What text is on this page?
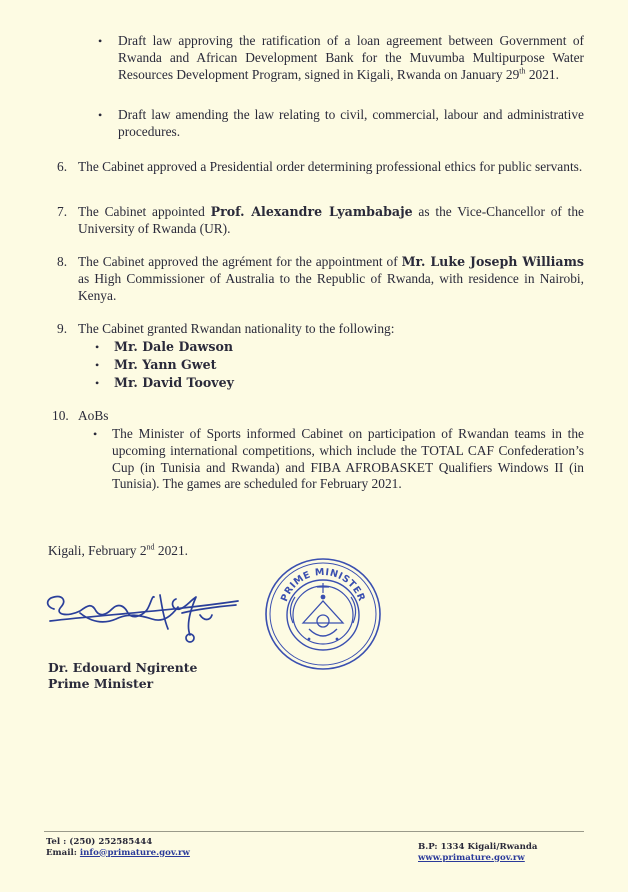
• Draft law approving the ratification of a loan agreement between Government of Rwanda and African Development Bank for the Muvumba Multipurpose Water Resources Development Program, signed in Kigali, Rwanda on January 29th 2021.

• Draft law amending the law relating to civil, commercial, labour and administrative procedures.

6. The Cabinet approved a Presidential order determining professional ethics for public servants.

7. The Cabinet appointed Prof. Alexandre Lyambabaje as the Vice-Chancellor of the University of Rwanda (UR).

8. The Cabinet approved the agrément for the appointment of Mr. Luke Joseph Williams as High Commissioner of Australia to the Republic of Rwanda, with residence in Nairobi, Kenya.

9. The Cabinet granted Rwandan nationality to the following:

• Mr. Dale Dawson
• Mr. Yann Gwet
• Mr. David Toovey
10. AoBs
• The Minister of Sports informed Cabinet on participation of Rwandan teams in the upcoming international competitions, which include the TOTAL CAF Confederation’s Cup (in Tunisia and Rwanda) and FIBA AFROBASKET Qualifiers Windows II (in Tunisia). The games are scheduled for February 2021.

Kigali, February 2nd 2021.

PRIME MINISTER
Dr. Edouard Ngirente
Prime Minister
Tel : (250) 252585444
Email: info@primature.gov.rw
B.P: 1334 Kigali/Rwanda
www.primature.gov.rw
